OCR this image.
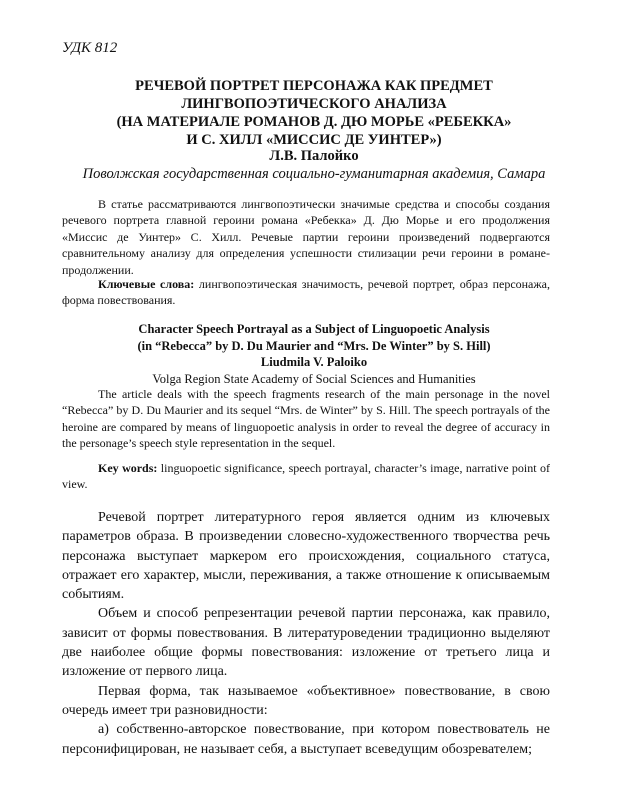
УДК 812
РЕЧЕВОЙ ПОРТРЕТ ПЕРСОНАЖА КАК ПРЕДМЕТ
ЛИНГВОПОЭТИЧЕСКОГО АНАЛИЗА
(НА МАТЕРИАЛЕ РОМАНОВ Д. ДЮ МОРЬЕ «РЕБЕККА»
И С. ХИЛЛ «МИССИС ДЕ УИНТЕР»)
Л.В. Палойко
Поволжская государственная социально-гуманитарная академия, Самара

В статье рассматриваются лингвопоэтически значимые средства и способы создания речевого портрета главной героини романа «Ребекка» Д. Дю Морье и его продолжения «Миссис де Уинтер» С. Хилл. Речевые партии героини произведений подвергаются сравнительному анализу для определения успешности стилизации речи героини в романе-продолжении.

Ключевые слова: лингвопоэтическая значимость, речевой портрет, образ персонажа, форма повествования.

Character Speech Portrayal as a Subject of Linguopoetic Analysis
(in “Rebecca” by D. Du Maurier and “Mrs. De Winter” by S. Hill)
Liudmila V. Paloiko
Volga Region State Academy of Social Sciences and Humanities

The article deals with the speech fragments research of the main personage in the novel “Rebecca” by D. Du Maurier and its sequel “Mrs. de Winter” by S. Hill. The speech portrayals of the heroine are compared by means of linguopoetic analysis in order to reveal the degree of accuracy in the personage’s speech style representation in the sequel.

Key words: linguopoetic significance, speech portrayal, character’s image, narrative point of view.

Речевой портрет литературного героя является одним из ключевых параметров образа. В произведении словесно-художественного творчества речь персонажа выступает маркером его происхождения, социального статуса, отражает его характер, мысли, переживания, а также отношение к описываемым событиям.

Объем и способ репрезентации речевой партии персонажа, как правило, зависит от формы повествования. В литературоведении традиционно выделяют две наиболее общие формы повествования: изложение от третьего лица и изложение от первого лица.

Первая форма, так называемое «объективное» повествование, в свою очередь имеет три разновидности:

а) собственно-авторское повествование, при котором повествователь не персонифицирован, не называет себя, а выступает всеведущим обозревателем;
